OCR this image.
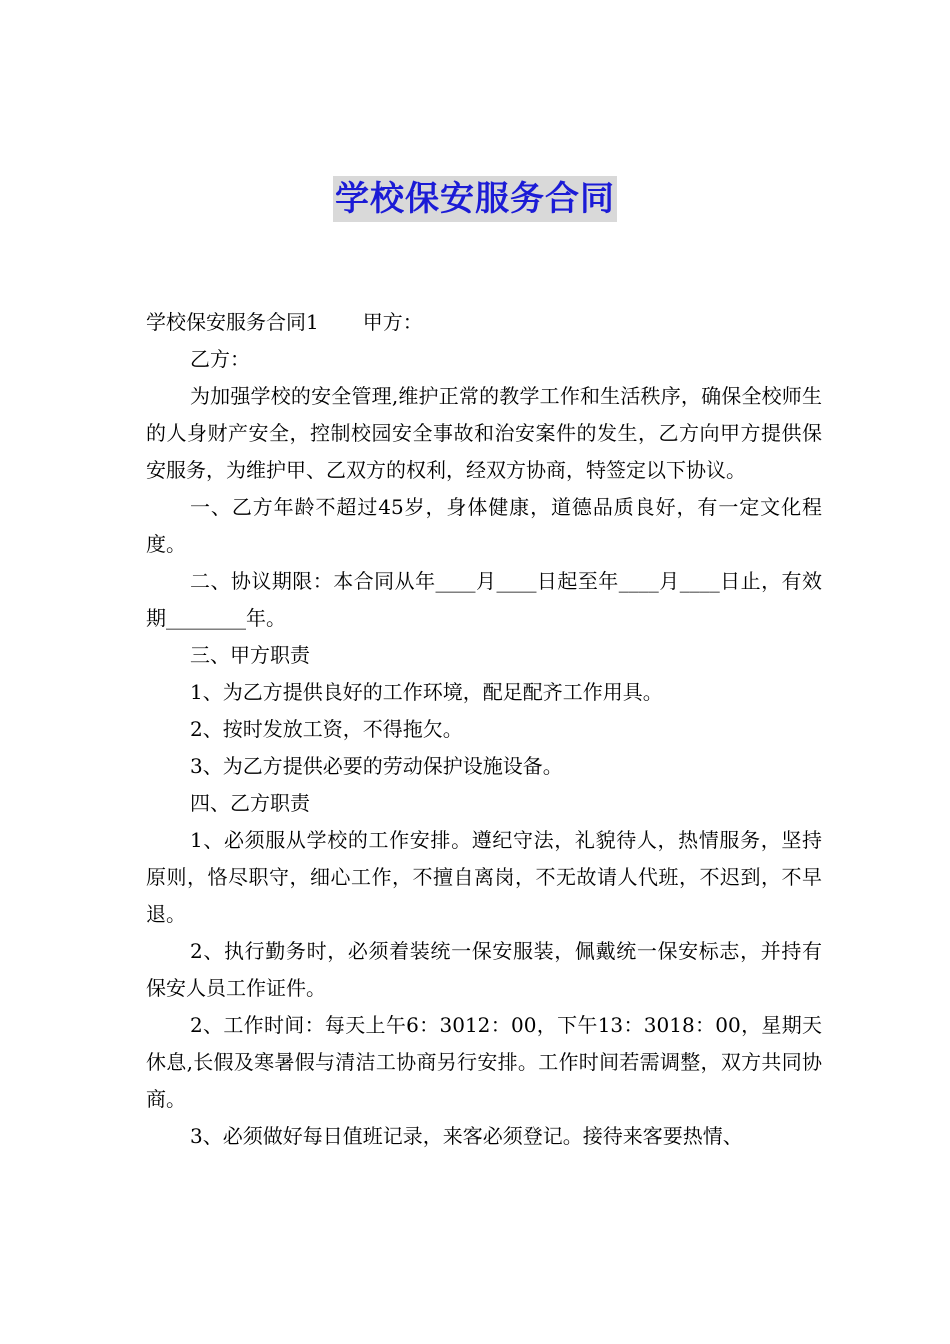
学校保安服务合同

学校保安服务合同1 甲方：

乙方：

为加强学校的安全管理,维护正常的教学工作和生活秩序，确保全校师生的人身财产安全，控制校园安全事故和治安案件的发生，乙方向甲方提供保安服务，为维护甲、乙双方的权利，经双方协商，特签定以下协议。

一、乙方年龄不超过45岁，身体健康，道德品质良好，有一定文化程度。

二、协议期限：本合同从年____月____日起至年____月____日止，有效期________年。

三、甲方职责

1、为乙方提供良好的工作环境，配足配齐工作用具。

2、按时发放工资，不得拖欠。

3、为乙方提供必要的劳动保护设施设备。

四、乙方职责

1、必须服从学校的工作安排。遵纪守法，礼貌待人，热情服务，坚持原则，恪尽职守，细心工作，不擅自离岗，不无故请人代班，不迟到，不早退。

2、执行勤务时，必须着装统一保安服装，佩戴统一保安标志，并持有保安人员工作证件。

2、工作时间：每天上午6：3012：00，下午13：3018：00，星期天休息,长假及寒暑假与清洁工协商另行安排。工作时间若需调整，双方共同协商。

3、必须做好每日值班记录，来客必须登记。接待来客要热情、
